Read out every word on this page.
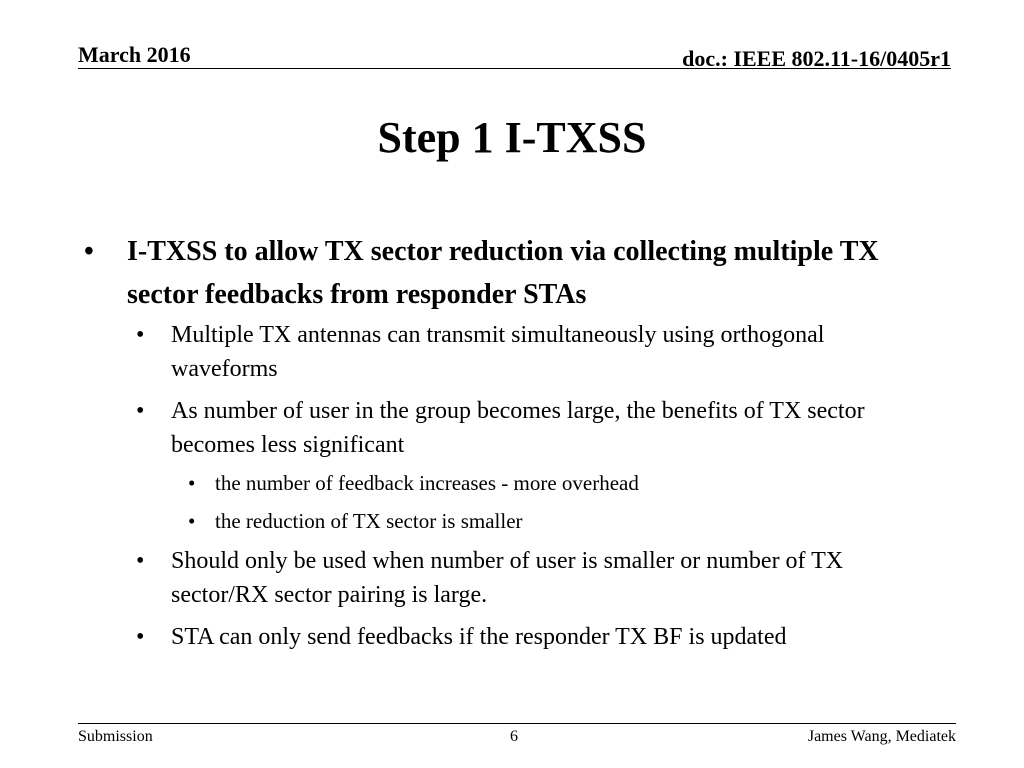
March 2016	doc.: IEEE 802.11-16/0405r1
Step 1 I-TXSS
• I-TXSS to allow TX sector reduction via collecting multiple TX sector feedbacks from responder STAs
• Multiple TX antennas can transmit simultaneously using orthogonal waveforms
• As number of user in the group becomes large, the benefits of TX sector becomes less significant
• the number of feedback increases - more overhead
• the reduction of TX sector is smaller
• Should only be used when number of user is smaller or number of TX sector/RX sector pairing is large.
• STA can only send feedbacks if the responder TX BF is updated
Submission	6	James Wang, Mediatek
